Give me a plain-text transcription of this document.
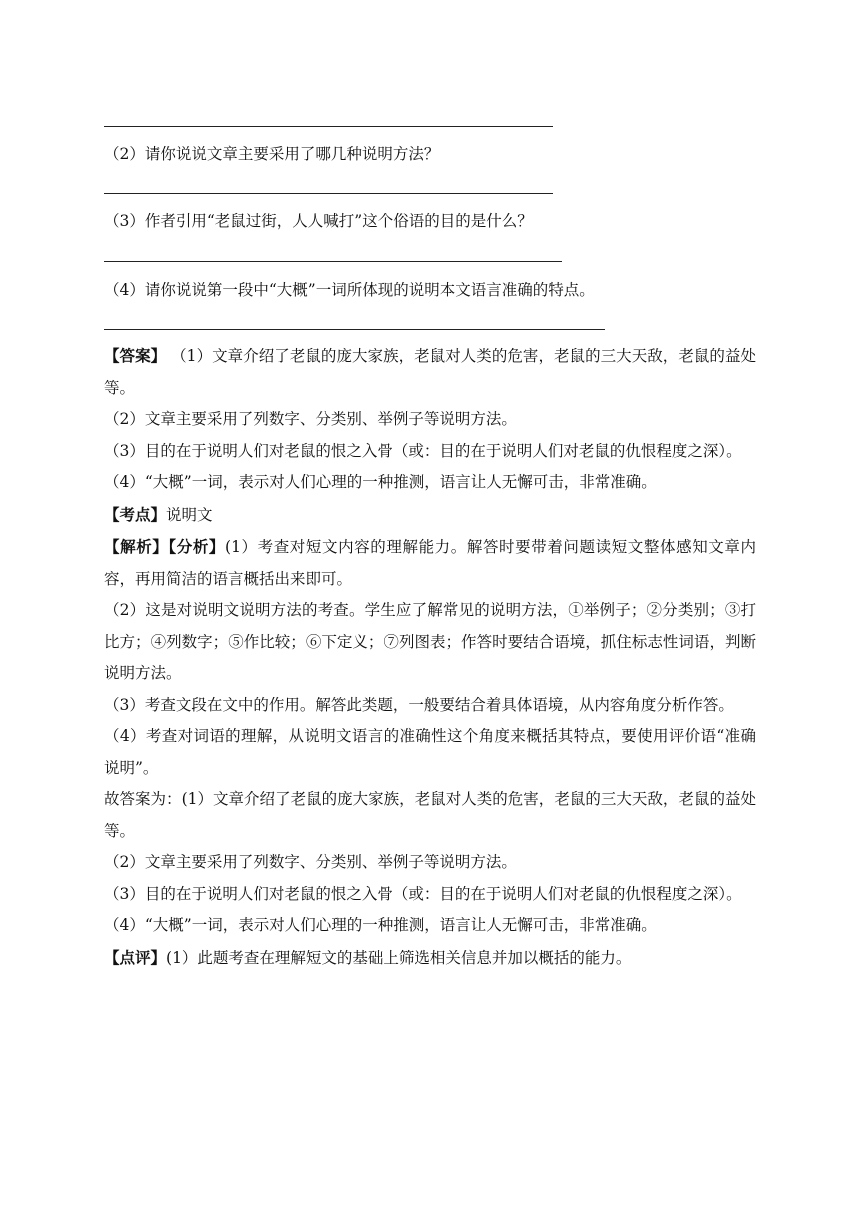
（2）请你说说文章主要采用了哪几种说明方法？
（3）作者引用“老鼠过街，人人喊打”这个俗语的目的是什么？
（4）请你说说第一段中“大概”一词所体现的说明本文语言准确的特点。

【答案】 （1）文章介绍了老鼠的庞大家族，老鼠对人类的危害，老鼠的三大天敌，老鼠的益处等。

（2）文章主要采用了列数字、分类别、举例子等说明方法。

（3）目的在于说明人们对老鼠的恨之入骨（或：目的在于说明人们对老鼠的仇恨程度之深）。

（4）“大概”一词，表示对人们心理的一种推测，语言让人无懈可击，非常准确。

【考点】说明文

【解析】【分析】(1）考查对短文内容的理解能力。解答时要带着问题读短文整体感知文章内容，再用简洁的语言概括出来即可。

（2）这是对说明文说明方法的考查。学生应了解常见的说明方法，①举例子；②分类别；③打比方；④列数字；⑤作比较；⑥下定义；⑦列图表；作答时要结合语境，抓住标志性词语，判断说明方法。

（3）考查文段在文中的作用。解答此类题，一般要结合着具体语境，从内容角度分析作答。

（4）考查对词语的理解，从说明文语言的准确性这个角度来概括其特点，要使用评价语“准确说明”。

故答案为：(1）文章介绍了老鼠的庞大家族，老鼠对人类的危害，老鼠的三大天敌，老鼠的益处等。

（2）文章主要采用了列数字、分类别、举例子等说明方法。

（3）目的在于说明人们对老鼠的恨之入骨（或：目的在于说明人们对老鼠的仇恨程度之深）。

（4）“大概”一词，表示对人们心理的一种推测，语言让人无懈可击，非常准确。

【点评】(1）此题考查在理解短文的基础上筛选相关信息并加以概括的能力。
